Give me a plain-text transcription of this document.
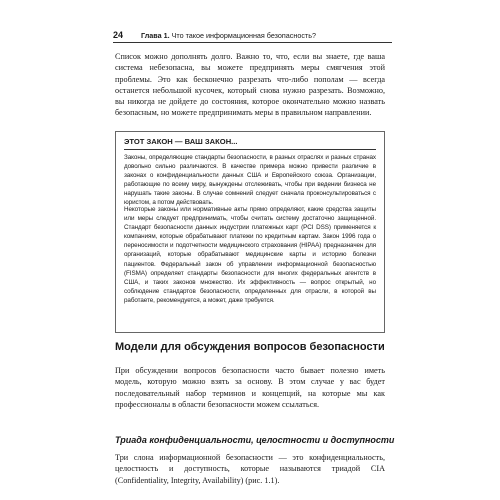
24 Глава 1. Что такое информационная безопасность?

Список можно дополнять долго. Важно то, что, если вы знаете, где ваша система небезопасна, вы можете предпринять меры смягчения этой проблемы. Это как бесконечно разрезать что-либо пополам — всегда останется небольшой кусочек, который снова нужно разрезать. Возможно, вы никогда не дойдете до состояния, которое окончательно можно назвать безопасным, но можете предпринимать меры в правильном направлении.

ЭТОТ ЗАКОН — ВАШ ЗАКОН...

Законы, определяющие стандарты безопасности, в разных отраслях и разных странах довольно сильно различаются. В качестве примера можно привести различие в законах о конфиденциальности данных США и Европейского союза. Организации, работающие по всему миру, вынуждены отслеживать, чтобы при ведении бизнеса не нарушать такие законы. В случае сомнений следует сначала проконсультироваться с юристом, а потом действовать.

Некоторые законы или нормативные акты прямо определяют, какие средства защиты или меры следует предпринимать, чтобы считать систему достаточно защищенной. Стандарт безопасности данных индустрии платежных карт (PCI DSS) применяется к компаниям, которые обрабатывают платежи по кредитным картам. Закон 1996 года о переносимости и подотчетности медицинского страхования (HIPAA) предназначен для организаций, которые обрабатывают медицинские карты и историю болезни пациентов. Федеральный закон об управлении информационной безопасностью (FISMA) определяет стандарты безопасности для многих федеральных агентств в США, и таких законов множество. Их эффективность — вопрос открытый, но соблюдение стандартов безопасности, определенных для отрасли, в которой вы работаете, рекомендуется, а может, даже требуется.

Модели для обсуждения вопросов безопасности

При обсуждении вопросов безопасности часто бывает полезно иметь модель, которую можно взять за основу. В этом случае у вас будет последовательный набор терминов и концепций, на которые мы как профессионалы в области безопасности можем ссылаться.

Триада конфиденциальности, целостности и доступности

Три слона информационной безопасности — это конфиденциальность, целостность и доступность, которые называются триадой CIA (Confidentiality, Integrity, Availability) (рис. 1.1).
